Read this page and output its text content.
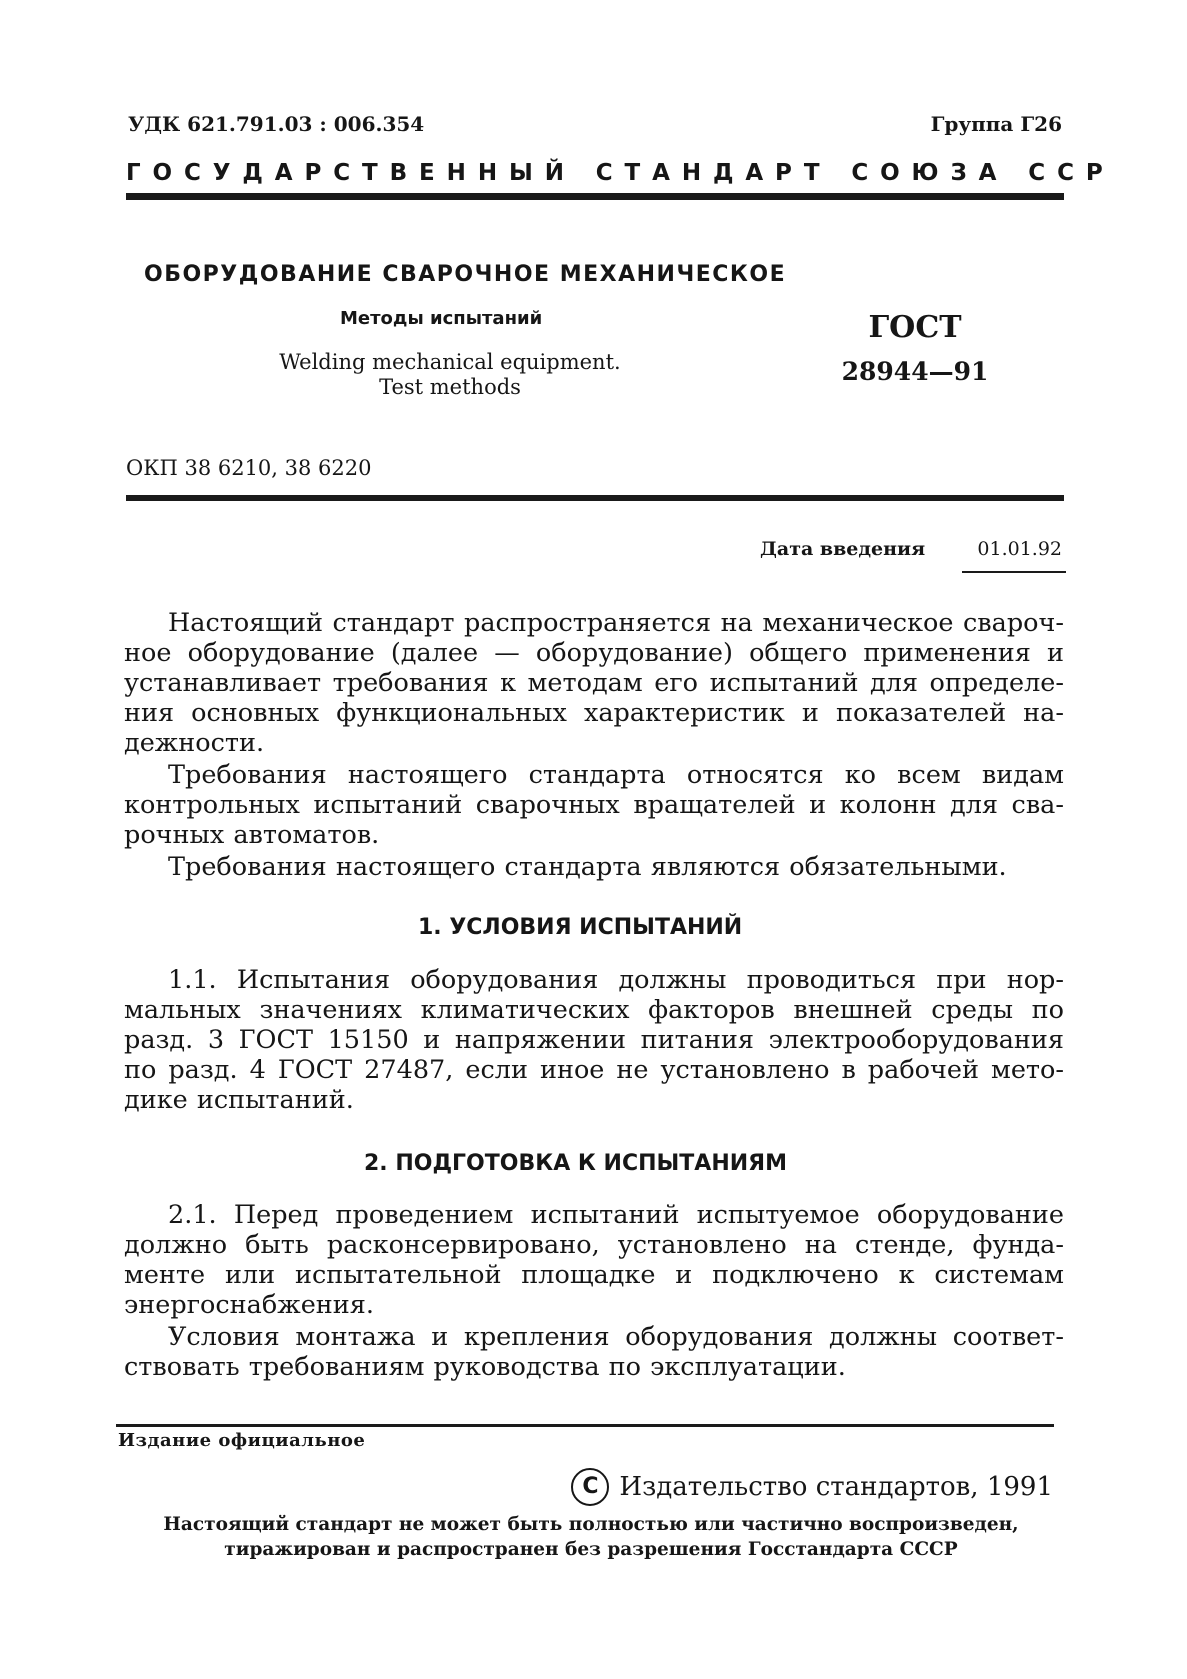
УДК 621.791.03 : 006.354	Группа Г26
ГОСУДАРСТВЕННЫЙ СТАНДАРТ СОЮЗА ССР
ОБОРУДОВАНИЕ СВАРОЧНОЕ МЕХАНИЧЕСКОЕ
Методы испытаний
Welding mechanical equipment.
Test methods
ГОСТ
28944—91
ОКП 38 6210, 38 6220
Дата введения	01.01.92
Настоящий стандарт распространяется на механическое свароч-
ное оборудование (далее — оборудование) общего применения и
устанавливает требования к методам его испытаний для определе-
ния основных функциональных характеристик и показателей на-
дежности.
Требования настоящего стандарта относятся ко всем видам
контрольных испытаний сварочных вращателей и колонн для сва-
рочных автоматов.
Требования настоящего стандарта являются обязательными.
1. УСЛОВИЯ ИСПЫТАНИЙ
1.1. Испытания оборудования должны проводиться при нор-
мальных значениях климатических факторов внешней среды по
разд. 3 ГОСТ 15150 и напряжении питания электрооборудования
по разд. 4 ГОСТ 27487, если иное не установлено в рабочей мето-
дике испытаний.
2. ПОДГОТОВКА К ИСПЫТАНИЯМ
2.1. Перед проведением испытаний испытуемое оборудование
должно быть расконсервировано, установлено на стенде, фунда-
менте или испытательной площадке и подключено к системам
энергоснабжения.
Условия монтажа и крепления оборудования должны соответ-
ствовать требованиям руководства по эксплуатации.
Издание официальное
C Издательство стандартов, 1991
Настоящий стандарт не может быть полностью или частично воспроизведен,
тиражирован и распространен без разрешения Госстандарта СССР
